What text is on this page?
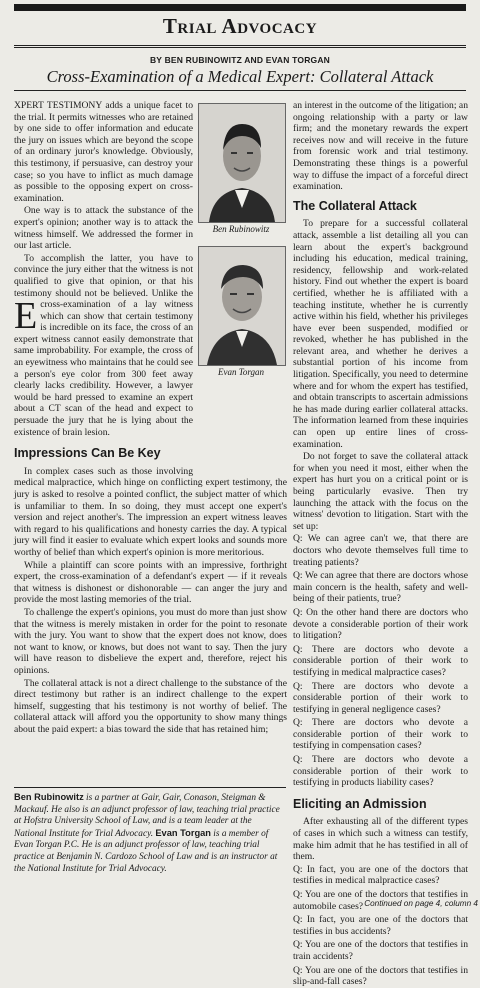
Trial Advocacy
BY BEN RUBINOWITZ AND EVAN TORGAN
Cross-Examination of a Medical Expert: Collateral Attack

E
XPERT TESTIMONY adds a unique facet to the trial. It permits witnesses who are retained by one side to offer information and educate the jury on issues which are beyond the scope of an ordinary juror's knowledge. Obviously, this testimony, if persuasive, can destroy your case; so you have to inflict as much damage as possible to the opposing expert on cross-examination.

One way is to attack the substance of the expert's opinion; another way is to attack the witness himself. We addressed the former in our last article.

To accomplish the latter, you have to convince the jury either that the witness is not qualified to give that opinion, or that his testimony should not be believed. Unlike the cross-examination of a lay witness which can show that certain testimony is incredible on its face, the cross of an expert witness cannot easily demonstrate that same improbability. For example, the cross of an eyewitness who maintains that he could see a person's eye color from 300 feet away clearly lacks credibility. However, a lawyer would be hard pressed to examine an expert about a CT scan of the head and expect to persuade the jury that he is lying about the existence of brain lesion.

Impressions Can Be Key

In complex cases such as those involving medical malpractice, which hinge on conflicting expert testimony, the jury is asked to resolve a pointed conflict, the subject matter of which is unfamiliar to them. In so doing, they must accept one expert's version and reject another's. The impression an expert witness leaves with regard to his qualifications and honesty carries the day. A typical jury will find it easier to evaluate which expert looks and sounds more worthy of belief than which expert's opinion is more meritorious.

While a plaintiff can score points with an impressive, forthright expert, the cross-examination of a defendant's expert — if it reveals that witness is dishonest or dishonorable — can anger the jury and provide the most lasting memories of the trial.

To challenge the expert's opinions, you must do more than just show that the witness is merely mistaken in order for the point to resonate with the jury. You want to show that the expert does not know, does not want to know, or knows, but does not want to say. Then the jury will have reason to disbelieve the expert and, therefore, reject his opinions.

The collateral attack is not a direct challenge to the substance of the direct testimony but rather is an indirect challenge to the expert himself, suggesting that his testimony is not worthy of belief. The collateral attack will afford you the opportunity to show many things about the paid expert: a bias toward the side that has retained him;

Ben Rubinowitz
Evan Torgan

an interest in the outcome of the litigation; an ongoing relationship with a party or law firm; and the monetary rewards the expert receives now and will receive in the future from forensic work and trial testimony. Demonstrating these things is a powerful way to diffuse the impact of a forceful direct examination.

The Collateral Attack

To prepare for a successful collateral attack, assemble a list detailing all you can learn about the expert's background including his education, medical training, residency, fellowship and work-related history. Find out whether the expert is board certified, whether he is affiliated with a teaching institute, whether he is currently active within his field, whether his privileges have ever been suspended, modified or revoked, whether he has published in the relevant area, and whether he derives a substantial portion of his income from litigation. Specifically, you need to determine where and for whom the expert has testified, and obtain transcripts to ascertain admissions he has made during earlier collateral attacks. The information learned from these inquiries can open up entire lines of cross-examination.

Do not forget to save the collateral attack for when you need it most, either when the expert has hurt you on a critical point or is being particularly evasive. Then try launching the attack with the focus on the witness' devotion to litigation. Start with the set up:

Q: We can agree can't we, that there are doctors who devote themselves full time to treating patients?

Q: We can agree that there are doctors whose main concern is the health, safety and well-being of their patients, true?

Q: On the other hand there are doctors who devote a considerable portion of their work to litigation?

Q: There are doctors who devote a considerable portion of their work to testifying in medical malpractice cases?

Q: There are doctors who devote a considerable portion of their work to testifying in general negligence cases?

Q: There are doctors who devote a considerable portion of their work to testifying in compensation cases?

Q: There are doctors who devote a considerable portion of their work to testifying in products liability cases?

Eliciting an Admission

After exhausting all of the different types of cases in which such a witness can testify, make him admit that he has testified in all of them.

Q: In fact, you are one of the doctors that testifies in medical malpractice cases?

Q: You are one of the doctors that testifies in automobile cases?

Q: In fact, you are one of the doctors that testifies in bus accidents?

Q: You are one of the doctors that testifies in train accidents?

Q: You are one of the doctors that testifies in slip-and-fall cases?

Ben Rubinowitz is a partner at Gair, Gair, Conason, Steigman & Mackauf. He also is an adjunct professor of law, teaching trial practice at Hofstra University School of Law, and is a team leader at the National Institute for Trial Advocacy. Evan Torgan is a member of Evan Torgan P.C. He is an adjunct professor of law, teaching trial practice at Benjamin N. Cardozo School of Law and is an instructor at the National Institute for Trial Advocacy.
Continued on page 4, column 4
